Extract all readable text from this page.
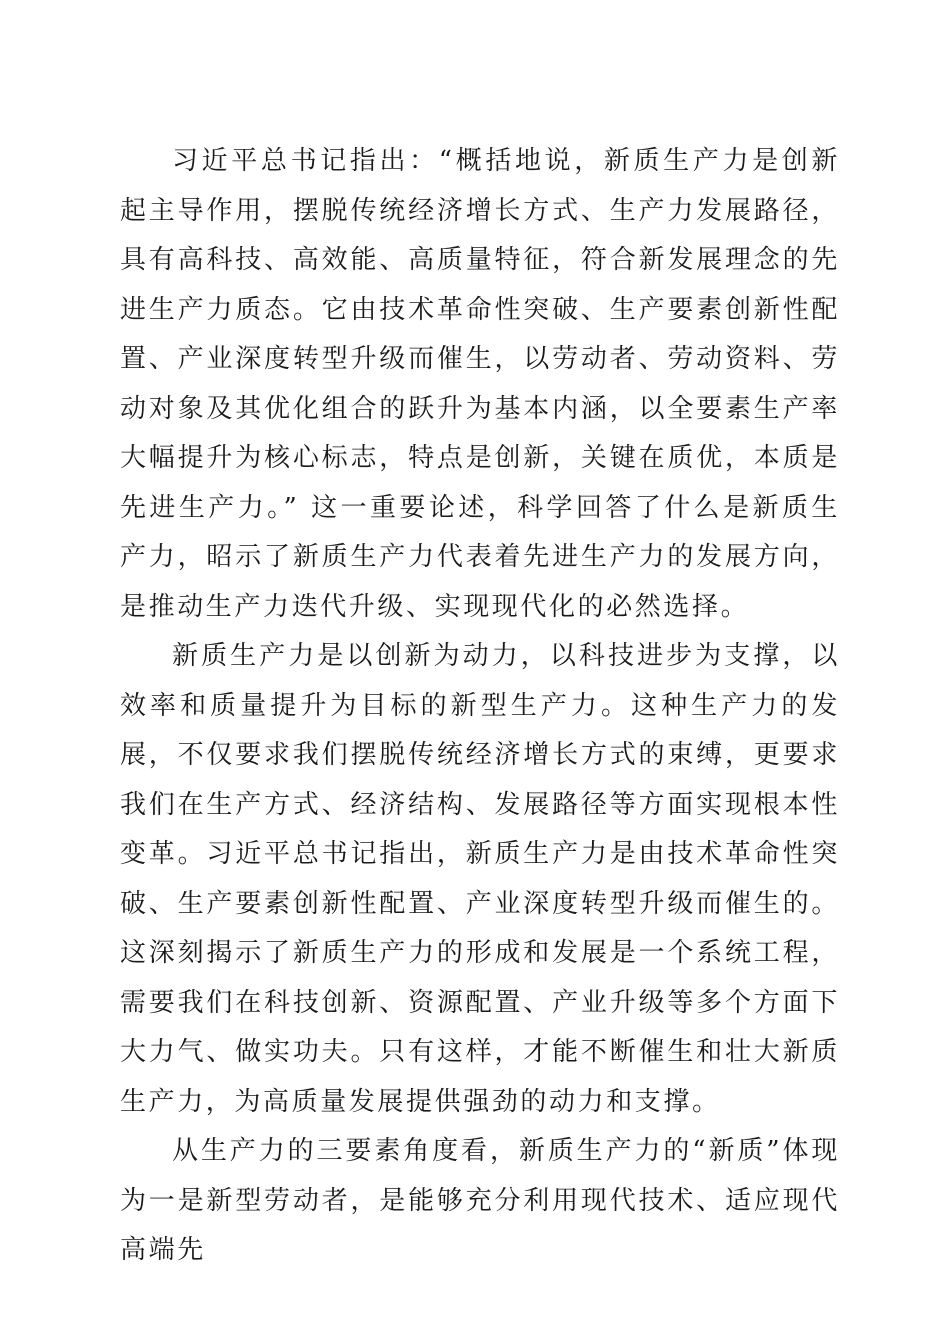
习近平总书记指出：“概括地说，新质生产力是创新起主导作用，摆脱传统经济增长方式、生产力发展路径，具有高科技、高效能、高质量特征，符合新发展理念的先进生产力质态。它由技术革命性突破、生产要素创新性配置、产业深度转型升级而催生，以劳动者、劳动资料、劳动对象及其优化组合的跃升为基本内涵，以全要素生产率大幅提升为核心标志，特点是创新，关键在质优，本质是先进生产力。” 这一重要论述，科学回答了什么是新质生产力，昭示了新质生产力代表着先进生产力的发展方向，是推动生产力迭代升级、实现现代化的必然选择。

新质生产力是以创新为动力，以科技进步为支撑，以效率和质量提升为目标的新型生产力。这种生产力的发展，不仅要求我们摆脱传统经济增长方式的束缚，更要求我们在生产方式、经济结构、发展路径等方面实现根本性变革。习近平总书记指出，新质生产力是由技术革命性突破、生产要素创新性配置、产业深度转型升级而催生的。这深刻揭示了新质生产力的形成和发展是一个系统工程，需要我们在科技创新、资源配置、产业升级等多个方面下大力气、做实功夫。只有这样，才能不断催生和壮大新质生产力，为高质量发展提供强劲的动力和支撑。

从生产力的三要素角度看，新质生产力的“新质”体现为一是新型劳动者，是能够充分利用现代技术、适应现代高端先
